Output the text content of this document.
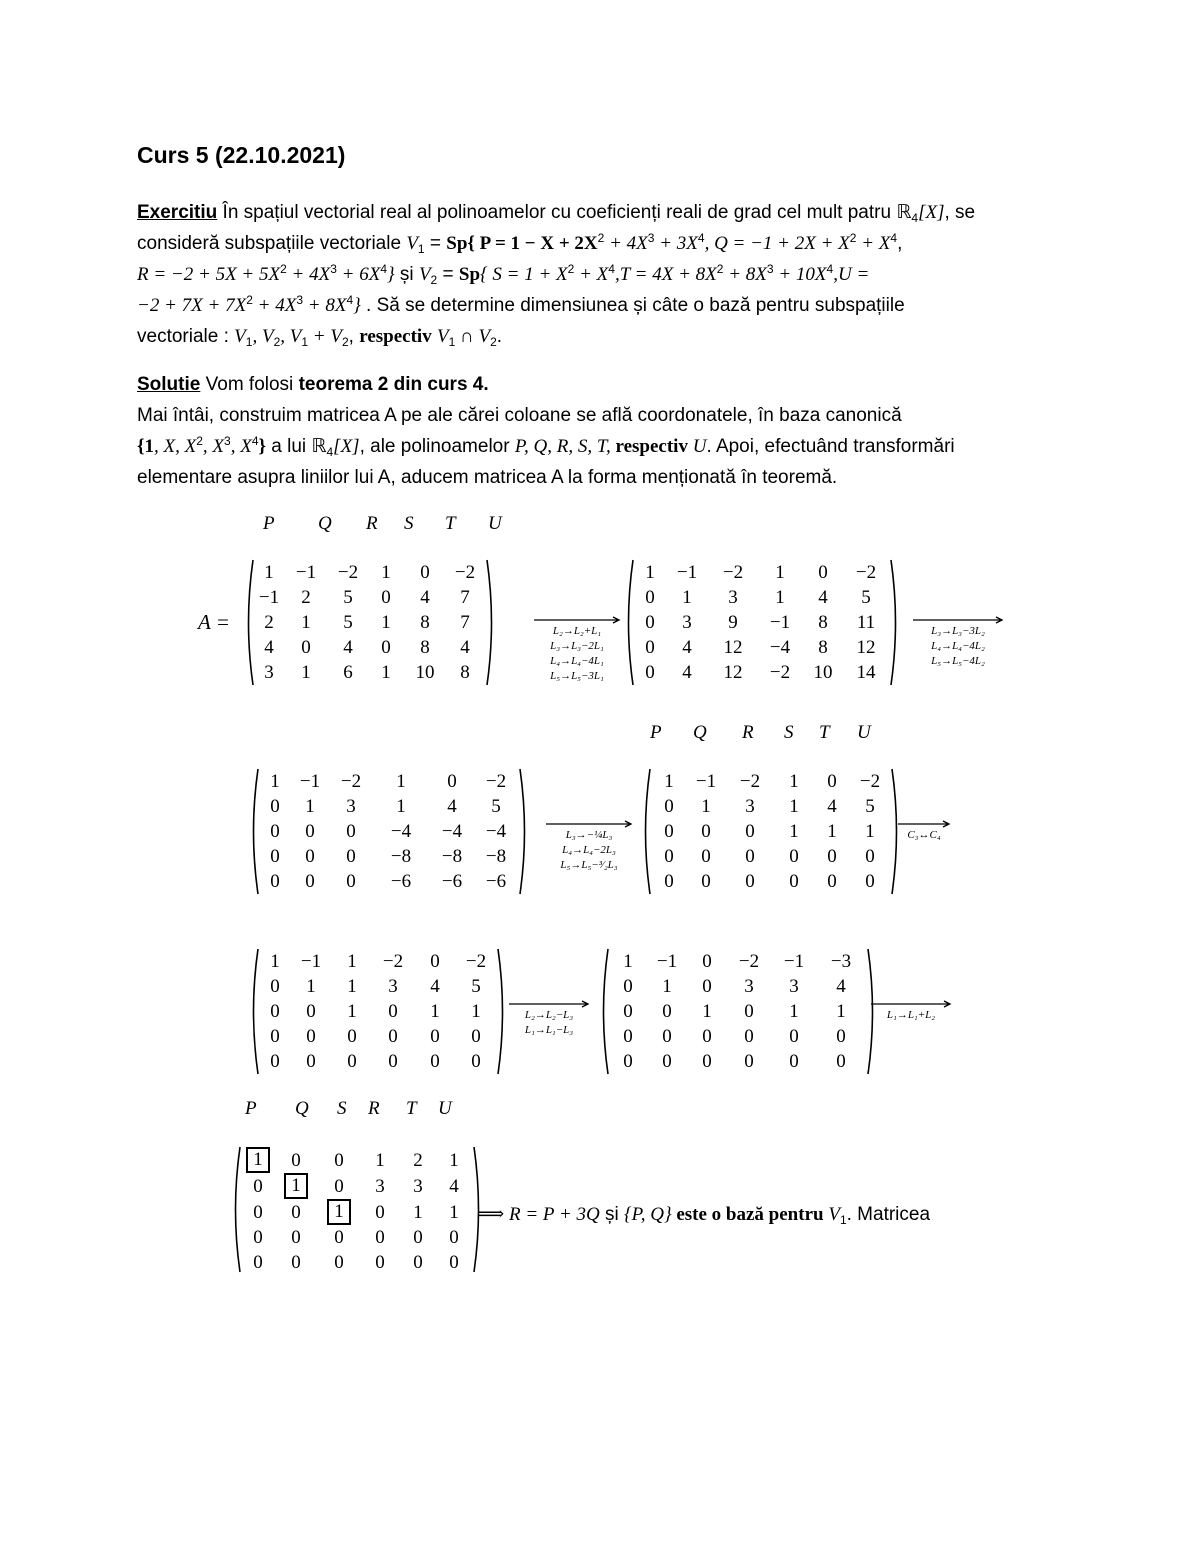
Curs 5 (22.10.2021)
Exercitiu În spațiul vectorial real al polinoamelor cu coeficienți reali de grad cel mult patru ℝ$_4$[X], se
consideră subspațiile vectoriale $V_1 = Sp${ $P = 1 - X + 2X^2 + 4X^3 + 3X^4$, $Q = -1 + 2X + X^2 + X^4$,
$R = -2 + 5X + 5X^2 + 4X^3 + 6X^4$} și $V_2 = Sp${ $S = 1 + X^2 + X^4,T = 4X + 8X^2 + 8X^3 + 10X^4,U$ =
$-2 + 7X + 7X^2 + 4X^3 + 8X^4$} . Să se determine dimensiunea și câte o bază pentru subspațiile
vectoriale : $V_1$, $V_2$, $V_1 + V_2$, respectiv $V_1$ ∩ $V_2$.
Solutie Vom folosi teorema 2 din curs 4.
Mai întâi, construim matricea A pe ale cărei coloane se află coordonatele, în baza canonică
{1, X, $X^2$, $X^3$, $X^4$} a lui ℝ$_4$[X], ale polinoamelor P, Q, R, S, T, respectiv U. Apoi, efectuând transformări
elementare asupra liniilor lui A, aducem matricea A la forma menționată în teoremă.
P Q R S T U
A =
P Q R S T U
P Q S R T U
1	−1	−2	1	0	−2
−1	2	5	0	4	7
2	1	5	1	8	7
4	0	4	0	8	4
3	1	6	1	10	8
1	−1	−2	1	0	−2
0	1	3	1	4	5
0	3	9	−1	8	11
0	4	12	−4	8	12
0	4	12	−2	10	14
1	−1	−2	1	0	−2
0	1	3	1	4	5
0	0	0	−4	−4	−4
0	0	0	−8	−8	−8
0	0	0	−6	−6	−6
1	−1	−2	1	0	−2
0	1	3	1	4	5
0	0	0	1	1	1
0	0	0	0	0	0
0	0	0	0	0	0
1	−1	1	−2	0	−2
0	1	1	3	4	5
0	0	1	0	1	1
0	0	0	0	0	0
0	0	0	0	0	0
1	−1	0	−2	−1	−3
0	1	0	3	3	4
0	0	1	0	1	1
0	0	0	0	0	0
0	0	0	0	0	0
1	0	0	1	2	1
0	1	0	3	3	4
0	0	1	0	1	1
0	0	0	0	0	0
0	0	0	0	0	0
L₂→L₂+L₁
L₃→L₃−2L₁
L₄→L₄−4L₁
L₅→L₅−3L₁
L₃→L₃−3L₂
L₄→L₄−4L₂
L₅→L₅−4L₂
L₃→−¼L₃
L₄→L₄−2L₃
L₅→L₅−³⁄₂L₃
C₃↔C₄
L₂→L₂−L₃
L₁→L₁−L₃
L₁→L₁+L₂
⟹ R = P + 3Q și {P, Q} este o bază pentru $V_1$. Matricea
